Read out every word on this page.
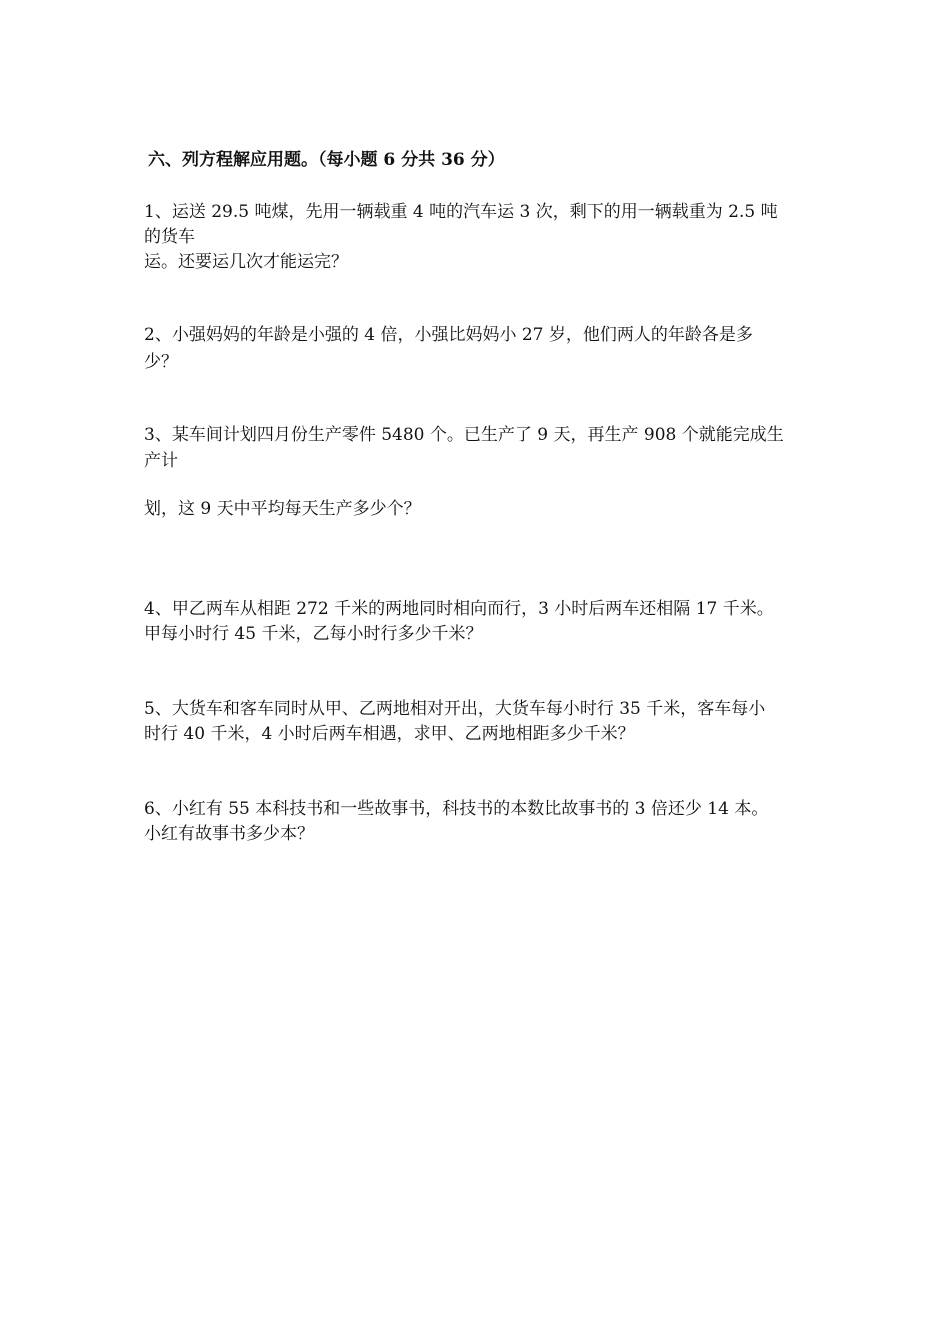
六、列方程解应用题。（每小题 6 分共 36 分）
1、运送 29.5 吨煤，先用一辆载重 4 吨的汽车运 3 次，剩下的用一辆载重为 2.5 吨
的货车
运。还要运几次才能运完？
2、小强妈妈的年龄是小强的 4 倍，小强比妈妈小 27 岁，他们两人的年龄各是多
少？
3、某车间计划四月份生产零件 5480 个。已生产了 9 天，再生产 908 个就能完成生
产计
划，这 9 天中平均每天生产多少个？
4、甲乙两车从相距 272 千米的两地同时相向而行，3 小时后两车还相隔 17 千米。
甲每小时行 45 千米，乙每小时行多少千米？
5、大货车和客车同时从甲、乙两地相对开出，大货车每小时行 35 千米，客车每小
时行 40 千米，4 小时后两车相遇，求甲、乙两地相距多少千米？
6、小红有 55 本科技书和一些故事书，科技书的本数比故事书的 3 倍还少 14 本。
小红有故事书多少本？
